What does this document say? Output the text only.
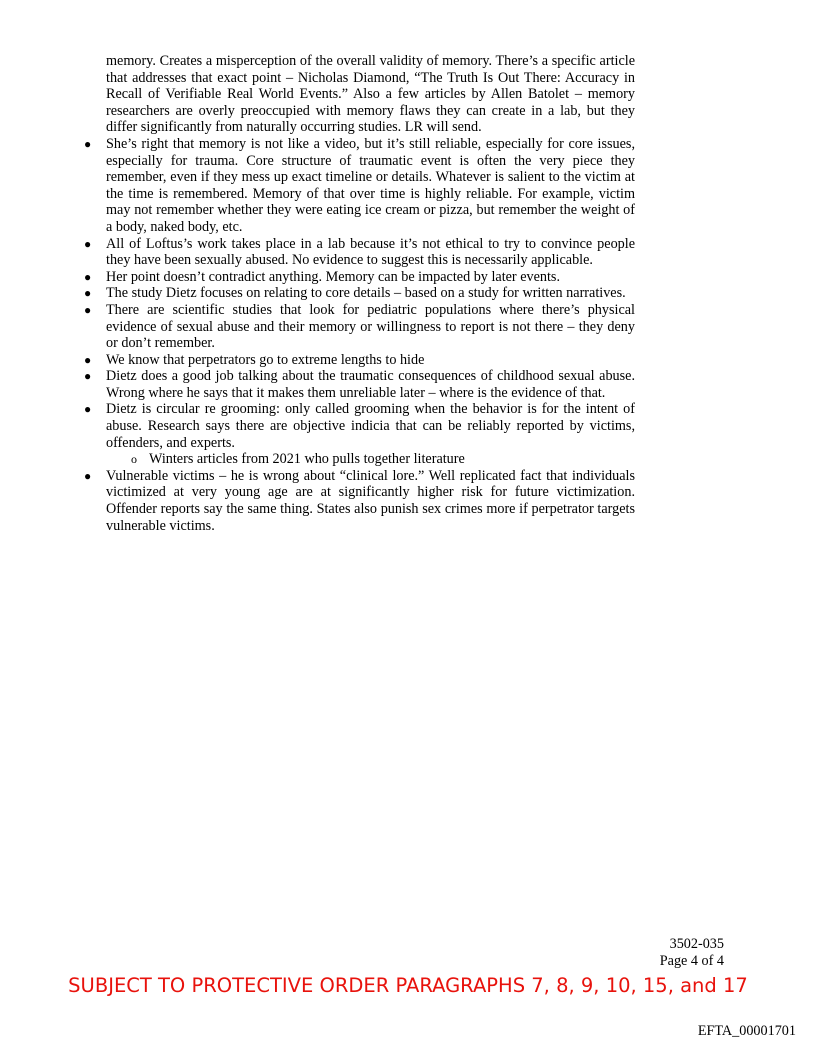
memory. Creates a misperception of the overall validity of memory. There’s a specific article that addresses that exact point – Nicholas Diamond, “The Truth Is Out There: Accuracy in Recall of Verifiable Real World Events.” Also a few articles by Allen Batolet – memory researchers are overly preoccupied with memory flaws they can create in a lab, but they differ significantly from naturally occurring studies. LR will send.

● She’s right that memory is not like a video, but it’s still reliable, especially for core issues, especially for trauma. Core structure of traumatic event is often the very piece they remember, even if they mess up exact timeline or details. Whatever is salient to the victim at the time is remembered. Memory of that over time is highly reliable. For example, victim may not remember whether they were eating ice cream or pizza, but remember the weight of a body, naked body, etc.
● All of Loftus’s work takes place in a lab because it’s not ethical to try to convince people they have been sexually abused. No evidence to suggest this is necessarily applicable.
● Her point doesn’t contradict anything. Memory can be impacted by later events.
● The study Dietz focuses on relating to core details – based on a study for written narratives.
● There are scientific studies that look for pediatric populations where there’s physical evidence of sexual abuse and their memory or willingness to report is not there – they deny or don’t remember.
● We know that perpetrators go to extreme lengths to hide
● Dietz does a good job talking about the traumatic consequences of childhood sexual abuse. Wrong where he says that it makes them unreliable later – where is the evidence of that.
● Dietz is circular re grooming: only called grooming when the behavior is for the intent of abuse. Research says there are objective indicia that can be reliably reported by victims, offenders, and experts.
o Winters articles from 2021 who pulls together literature
● Vulnerable victims – he is wrong about “clinical lore.” Well replicated fact that individuals victimized at very young age are at significantly higher risk for future victimization. Offender reports say the same thing. States also punish sex crimes more if perpetrator targets vulnerable victims.
3502-035
Page 4 of 4
SUBJECT TO PROTECTIVE ORDER PARAGRAPHS 7, 8, 9, 10, 15, and 17
EFTA_00001701
